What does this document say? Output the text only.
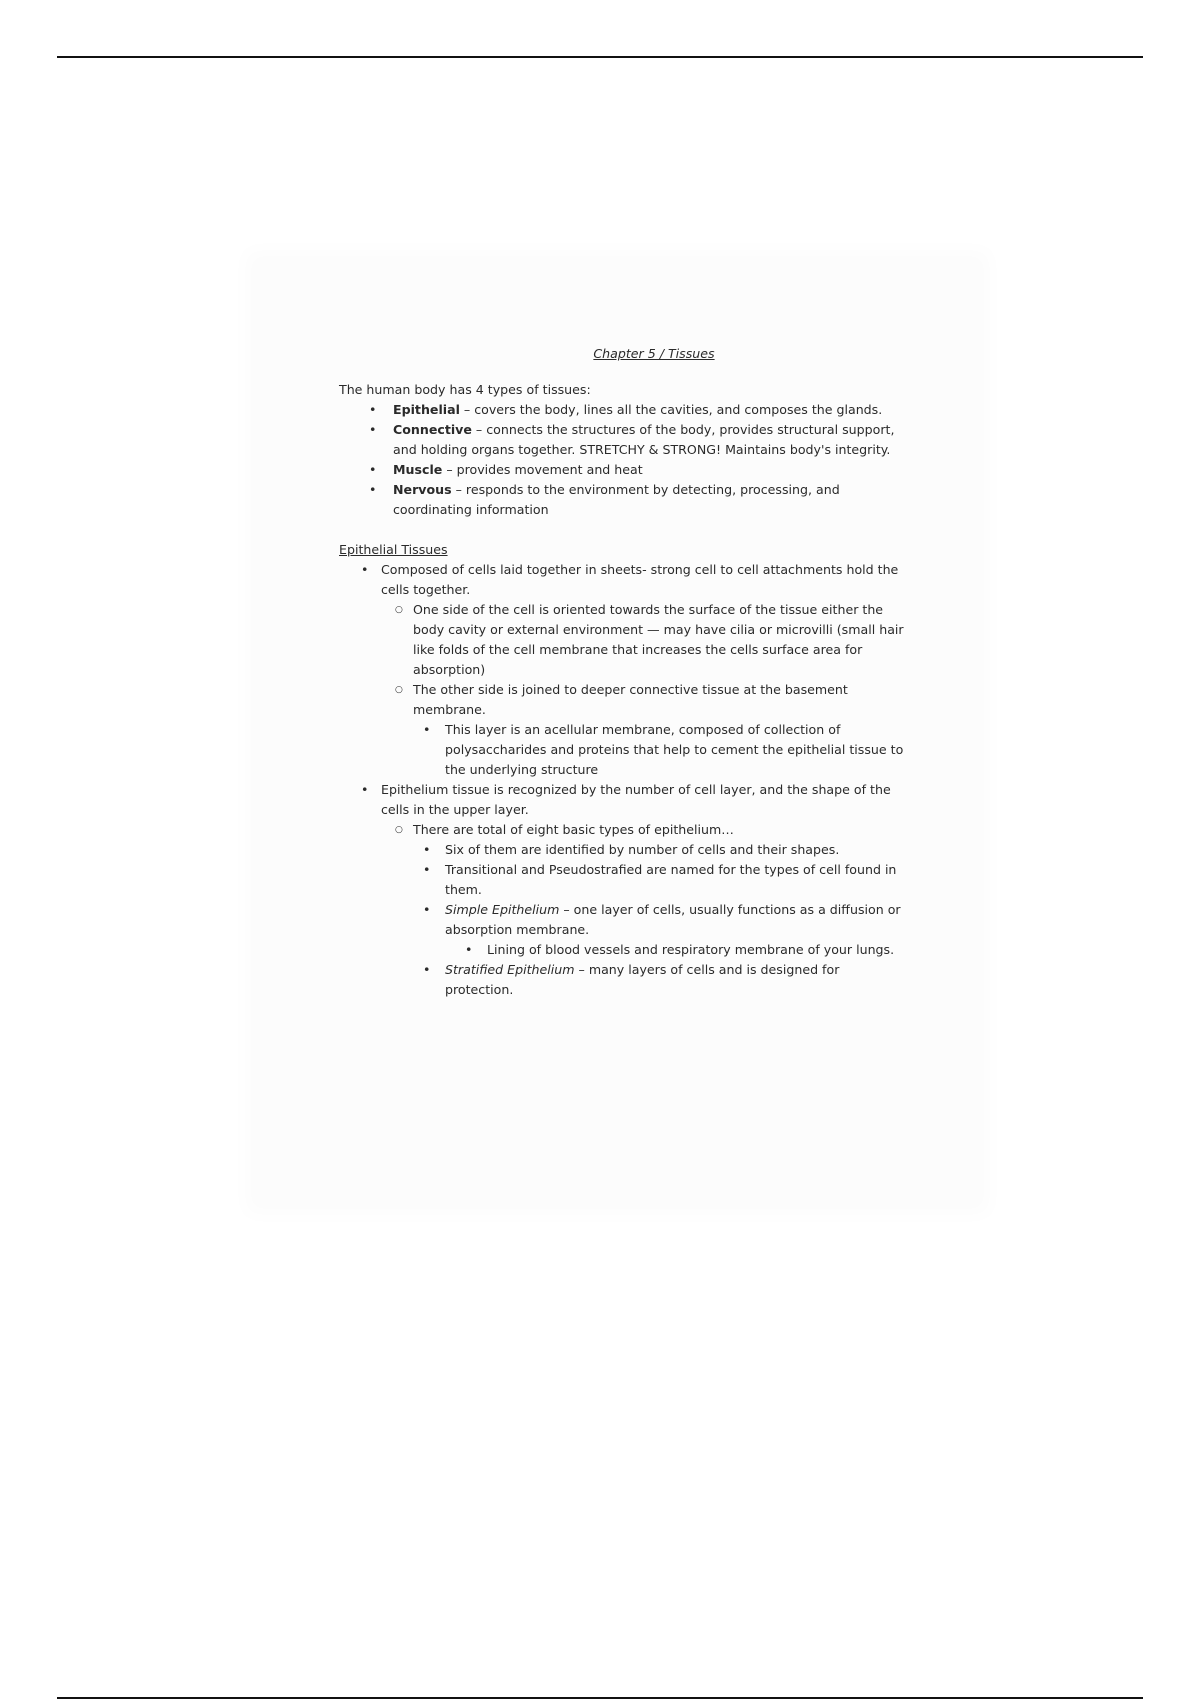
Chapter 5 / Tissues

The human body has 4 types of tissues:

• Epithelial – covers the body, lines all the cavities, and composes the glands.
• Connective – connects the structures of the body, provides structural support, and holding organs together. STRETCHY & STRONG! Maintains body's integrity.
• Muscle – provides movement and heat
• Nervous – responds to the environment by detecting, processing, and coordinating information
Epithelial Tissues
• Composed of cells laid together in sheets- strong cell to cell attachments hold the cells together.
○ One side of the cell is oriented towards the surface of the tissue either the body cavity or external environment — may have cilia or microvilli (small hair like folds of the cell membrane that increases the cells surface area for absorption)
○ The other side is joined to deeper connective tissue at the basement membrane.
• This layer is an acellular membrane, composed of collection of polysaccharides and proteins that help to cement the epithelial tissue to the underlying structure
• Epithelium tissue is recognized by the number of cell layer, and the shape of the cells in the upper layer.
○ There are total of eight basic types of epithelium…
• Six of them are identified by number of cells and their shapes.
• Transitional and Pseudostrafied are named for the types of cell found in them.
• Simple Epithelium – one layer of cells, usually functions as a diffusion or absorption membrane.
• Lining of blood vessels and respiratory membrane of your lungs.
• Stratified Epithelium – many layers of cells and is designed for protection.
